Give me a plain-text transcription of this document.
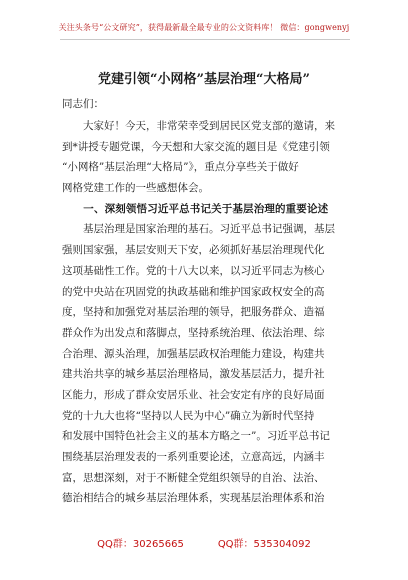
关注头条号“公文研究”，获得最新最全最专业的公文资料库！ 微信：gongwenyj
党建引领“小网格”基层治理“大格局”
同志们：
　　大家好！今天，非常荣幸受到居民区党支部的邀请，来
到*讲授专题党课，今天想和大家交流的题目是《党建引领
“小网格”基层治理“大格局”》，重点分享些关于做好
网格党建工作的一些感想体会。
　　一、深刻领悟习近平总书记关于基层治理的重要论述
　　基层治理是国家治理的基石。习近平总书记强调，基层
强则国家强，基层安则天下安，必须抓好基层治理现代化
这项基础性工作。党的十八大以来，以习近平同志为核心
的党中央站在巩固党的执政基础和维护国家政权安全的高
度，坚持和加强党对基层治理的领导，把服务群众、造福
群众作为出发点和落脚点，坚持系统治理、依法治理、综
合治理、源头治理，加强基层政权治理能力建设，构建共
建共治共享的城乡基层治理格局，激发基层活力，提升社
区能力，形成了群众安居乐业、社会安定有序的良好局面
党的十九大也将“坚持以人民为中心”确立为新时代坚持
和发展中国特色社会主义的基本方略之一”。习近平总书记
围绕基层治理发表的一系列重要论述，立意高远，内涵丰
富，思想深刻，对于不断健全党组织领导的自治、法治、
德治相结合的城乡基层治理体系，实现基层治理体系和治
QQ群：30265665	QQ群：535304092
